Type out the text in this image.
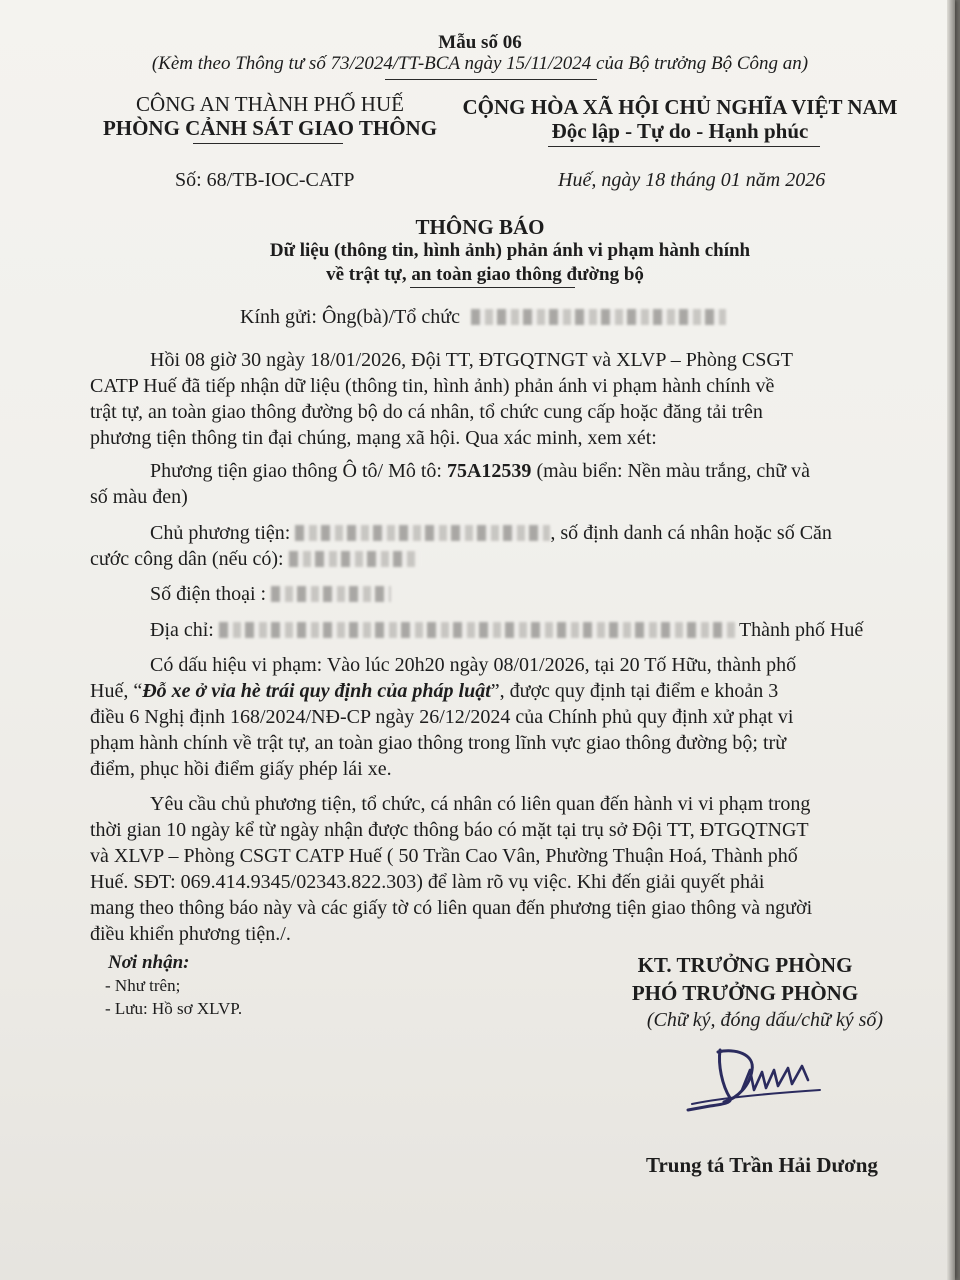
Mẫu số 06
(Kèm theo Thông tư số 73/2024/TT-BCA ngày 15/11/2024 của Bộ trưởng Bộ Công an)
CÔNG AN THÀNH PHỐ HUẾ
PHÒNG CẢNH SÁT GIAO THÔNG
Số: 68/TB-IOC-CATP
CỘNG HÒA XÃ HỘI CHỦ NGHĨA VIỆT NAM
Độc lập - Tự do - Hạnh phúc
Huế, ngày 18 tháng 01 năm 2026
THÔNG BÁO
Dữ liệu (thông tin, hình ảnh) phản ánh vi phạm hành chính
về trật tự, an toàn giao thông đường bộ
Kính gửi: Ông(bà)/Tổ chức
Hồi 08 giờ 30 ngày 18/01/2026, Đội TT, ĐTGQTNGT và XLVP – Phòng CSGT
CATP Huế đã tiếp nhận dữ liệu (thông tin, hình ảnh) phản ánh vi phạm hành chính về
trật tự, an toàn giao thông đường bộ do cá nhân, tổ chức cung cấp hoặc đăng tải trên
phương tiện thông tin đại chúng, mạng xã hội. Qua xác minh, xem xét:
Phương tiện giao thông Ô tô/ Mô tô: 75A12539 (màu biển: Nền màu trắng, chữ và
số màu đen)
Chủ phương tiện:	, số định danh cá nhân hoặc số Căn
cước công dân (nếu có):
Số điện thoại :
Địa chỉ:	Thành phố Huế
Có dấu hiệu vi phạm: Vào lúc 20h20 ngày 08/01/2026, tại 20 Tố Hữu, thành phố
Huế, “Đỗ xe ở vỉa hè trái quy định của pháp luật”, được quy định tại điểm e khoản 3
điều 6 Nghị định 168/2024/NĐ-CP ngày 26/12/2024 của Chính phủ quy định xử phạt vi
phạm hành chính về trật tự, an toàn giao thông trong lĩnh vực giao thông đường bộ; trừ
điểm, phục hồi điểm giấy phép lái xe.
Yêu cầu chủ phương tiện, tổ chức, cá nhân có liên quan đến hành vi vi phạm trong
thời gian 10 ngày kể từ ngày nhận được thông báo có mặt tại trụ sở Đội TT, ĐTGQTNGT
và XLVP – Phòng CSGT CATP Huế ( 50 Trần Cao Vân, Phường Thuận Hoá, Thành phố
Huế. SĐT: 069.414.9345/02343.822.303) để làm rõ vụ việc. Khi đến giải quyết phải
mang theo thông báo này và các giấy tờ có liên quan đến phương tiện giao thông và người
điều khiển phương tiện./.
Nơi nhận:
- Như trên;
- Lưu: Hồ sơ XLVP.
KT. TRƯỞNG PHÒNG
PHÓ TRƯỞNG PHÒNG
(Chữ ký, đóng dấu/chữ ký số)
Trung tá Trần Hải Dương
